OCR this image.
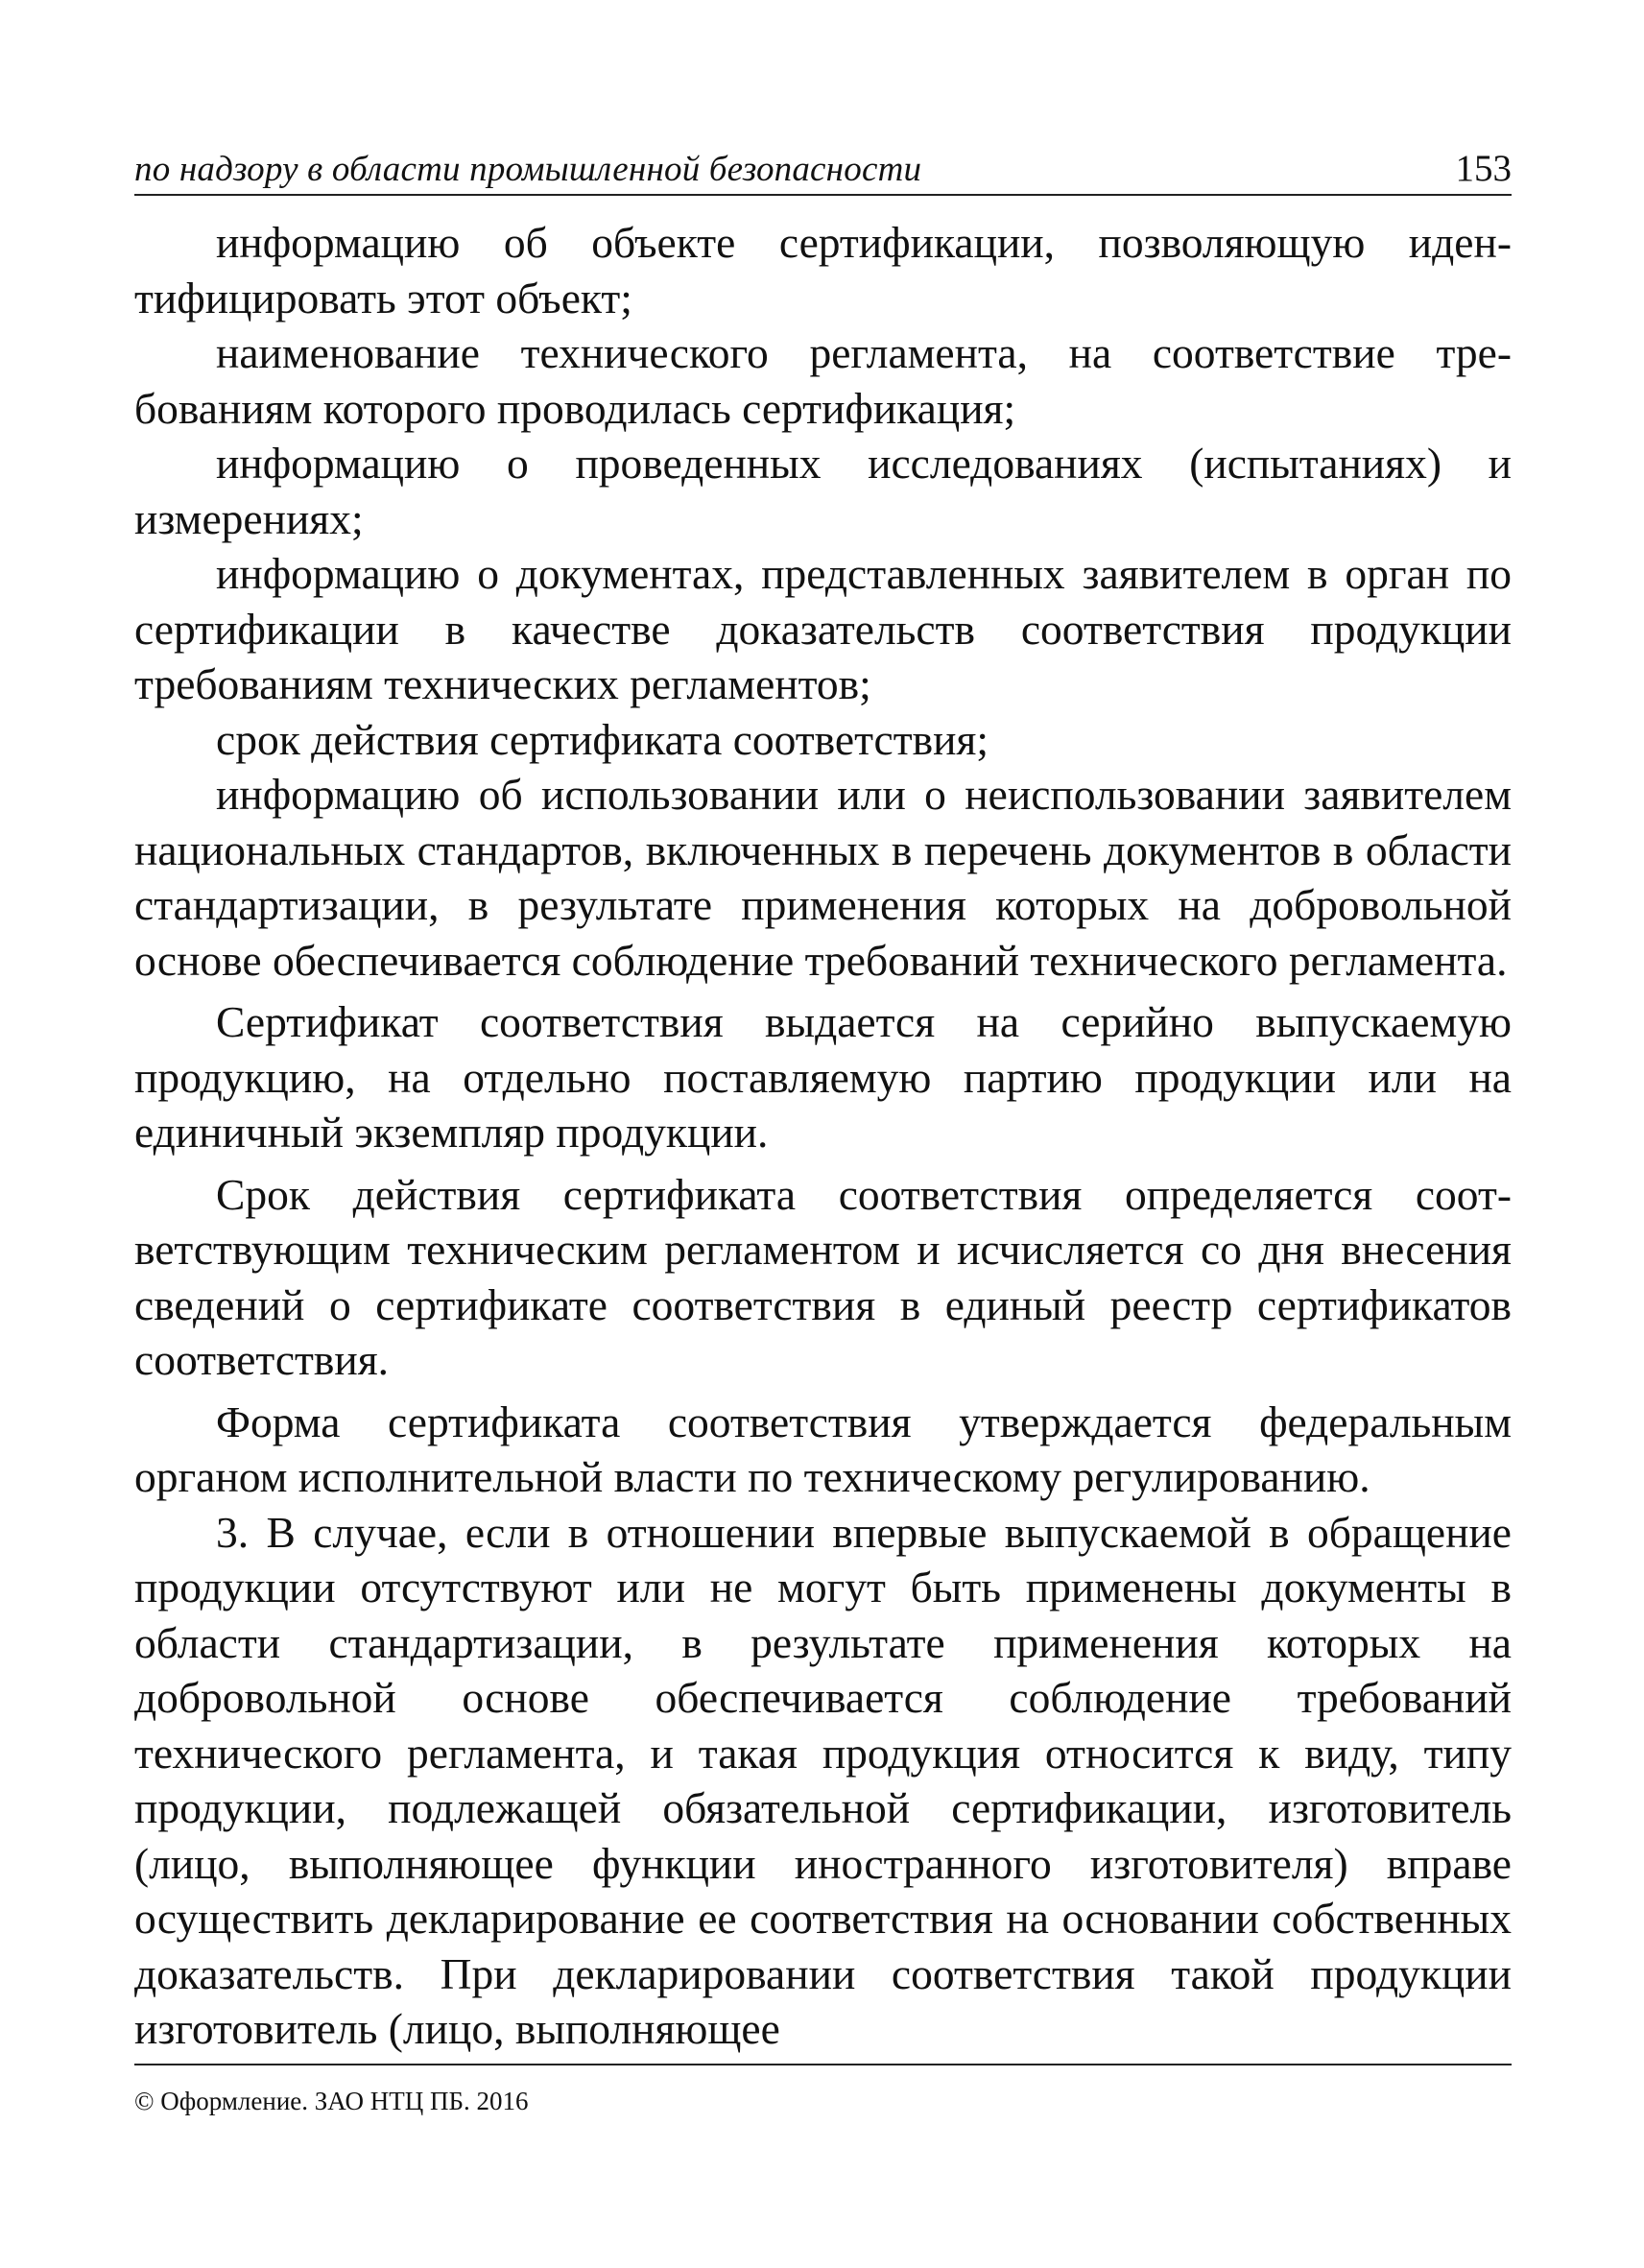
по надзору в области промышленной безопасности	153

информацию об объекте сертификации, позволяющую идентифицировать этот объект;

наименование технического регламента, на соответствие требованиям которого проводилась сертификация;

информацию о проведенных исследованиях (испытаниях) и измерениях;

информацию о документах, представленных заявителем в орган по сертификации в качестве доказательств соответствия продукции требованиям технических регламентов;

срок действия сертификата соответствия;

информацию об использовании или о неиспользовании заявителем национальных стандартов, включенных в перечень документов в области стандартизации, в результате применения которых на добровольной основе обеспечивается соблюдение требований технического регламента.

Сертификат соответствия выдается на серийно выпускаемую продукцию, на отдельно поставляемую партию продукции или на единичный экземпляр продукции.

Срок действия сертификата соответствия определяется соответствующим техническим регламентом и исчисляется со дня внесения сведений о сертификате соответствия в единый реестр сертификатов соответствия.

Форма сертификата соответствия утверждается федеральным органом исполнительной власти по техническому регулированию.

3. В случае, если в отношении впервые выпускаемой в обращение продукции отсутствуют или не могут быть применены документы в области стандартизации, в результате применения которых на добровольной основе обеспечивается соблюдение требований технического регламента, и такая продукция относится к виду, типу продукции, подлежащей обязательной сертификации, изготовитель (лицо, выполняющее функции иностранного изготовителя) вправе осуществить декларирование ее соответствия на основании собственных доказательств. При декларировании соответствия такой продукции изготовитель (лицо, выполняющее

© Оформление. ЗАО НТЦ ПБ. 2016
